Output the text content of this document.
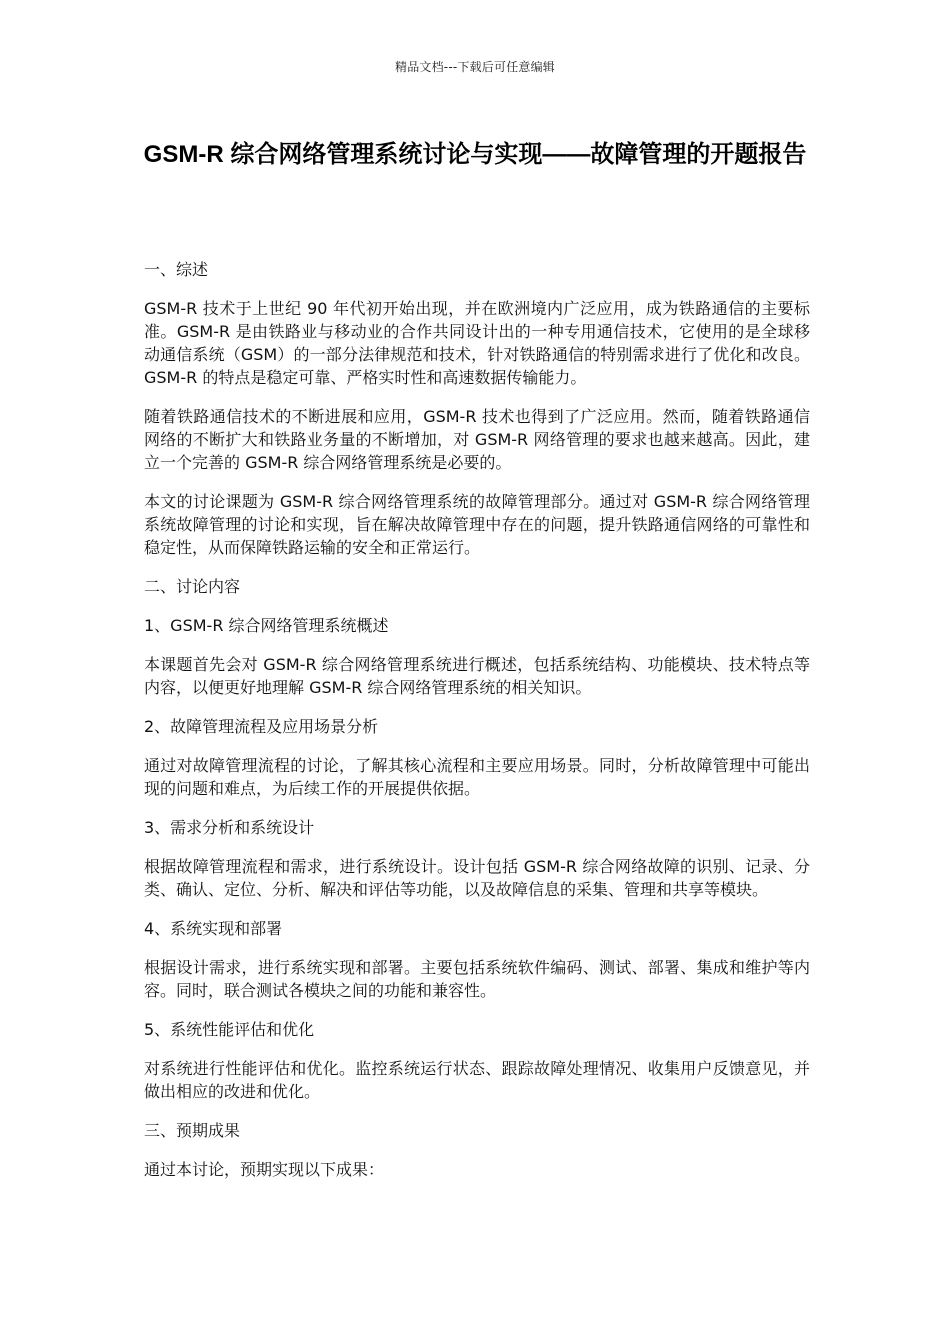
精品文档---下载后可任意编辑
GSM-R 综合网络管理系统讨论与实现——故障管理的开题报告

一、综述

GSM-R 技术于上世纪 90 年代初开始出现，并在欧洲境内广泛应用，成为铁路通信的主要标准。GSM-R 是由铁路业与移动业的合作共同设计出的一种专用通信技术，它使用的是全球移动通信系统（GSM）的一部分法律规范和技术，针对铁路通信的特别需求进行了优化和改良。GSM-R 的特点是稳定可靠、严格实时性和高速数据传输能力。

随着铁路通信技术的不断进展和应用，GSM-R 技术也得到了广泛应用。然而，随着铁路通信网络的不断扩大和铁路业务量的不断增加，对 GSM-R 网络管理的要求也越来越高。因此，建立一个完善的 GSM-R 综合网络管理系统是必要的。

本文的讨论课题为 GSM-R 综合网络管理系统的故障管理部分。通过对 GSM-R 综合网络管理系统故障管理的讨论和实现，旨在解决故障管理中存在的问题，提升铁路通信网络的可靠性和稳定性，从而保障铁路运输的安全和正常运行。

二、讨论内容

1、GSM-R 综合网络管理系统概述

本课题首先会对 GSM-R 综合网络管理系统进行概述，包括系统结构、功能模块、技术特点等内容，以便更好地理解 GSM-R 综合网络管理系统的相关知识。

2、故障管理流程及应用场景分析

通过对故障管理流程的讨论，了解其核心流程和主要应用场景。同时，分析故障管理中可能出现的问题和难点，为后续工作的开展提供依据。

3、需求分析和系统设计

根据故障管理流程和需求，进行系统设计。设计包括 GSM-R 综合网络故障的识别、记录、分类、确认、定位、分析、解决和评估等功能，以及故障信息的采集、管理和共享等模块。

4、系统实现和部署

根据设计需求，进行系统实现和部署。主要包括系统软件编码、测试、部署、集成和维护等内容。同时，联合测试各模块之间的功能和兼容性。

5、系统性能评估和优化

对系统进行性能评估和优化。监控系统运行状态、跟踪故障处理情况、收集用户反馈意见，并做出相应的改进和优化。

三、预期成果

通过本讨论，预期实现以下成果：
